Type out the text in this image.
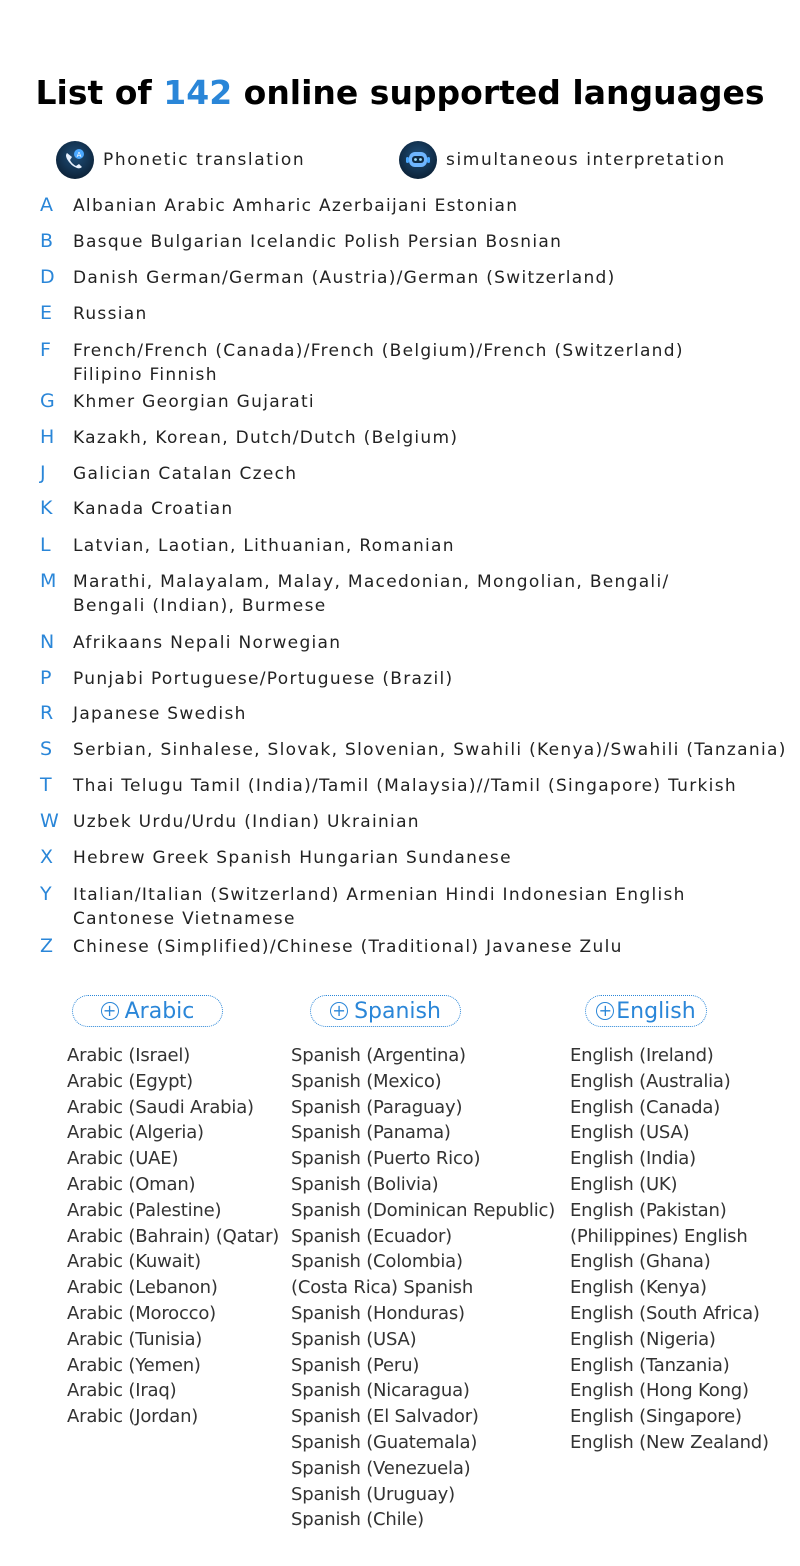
List of 142 online supported languages
A Phonetic translation	simultaneous interpretation
A Albanian Arabic Amharic Azerbaijani Estonian
B Basque Bulgarian Icelandic Polish Persian Bosnian
D Danish German/German (Austria)/German (Switzerland)
E Russian
F French/French (Canada)/French (Belgium)/French (Switzerland)
Filipino Finnish
G Khmer Georgian Gujarati
H Kazakh, Korean, Dutch/Dutch (Belgium)
J Galician Catalan Czech
K Kanada Croatian
L Latvian, Laotian, Lithuanian, Romanian
M Marathi, Malayalam, Malay, Macedonian, Mongolian, Bengali/
Bengali (Indian), Burmese
N Afrikaans Nepali Norwegian
P Punjabi Portuguese/Portuguese (Brazil)
R Japanese Swedish
S Serbian, Sinhalese, Slovak, Slovenian, Swahili (Kenya)/Swahili (Tanzania)
T Thai Telugu Tamil (India)/Tamil (Malaysia)//Tamil (Singapore) Turkish
W Uzbek Urdu/Urdu (Indian) Ukrainian
X Hebrew Greek Spanish Hungarian Sundanese
Y Italian/Italian (Switzerland) Armenian Hindi Indonesian English
Cantonese Vietnamese
Z Chinese (Simplified)/Chinese (Traditional) Javanese Zulu
+ Arabic	+ Spanish	+ English
Arabic (Israel)
Arabic (Egypt)
Arabic (Saudi Arabia)
Arabic (Algeria)
Arabic (UAE)
Arabic (Oman)
Arabic (Palestine)
Arabic (Bahrain) (Qatar)
Arabic (Kuwait)
Arabic (Lebanon)
Arabic (Morocco)
Arabic (Tunisia)
Arabic (Yemen)
Arabic (Iraq)
Arabic (Jordan)
Spanish (Argentina)
Spanish (Mexico)
Spanish (Paraguay)
Spanish (Panama)
Spanish (Puerto Rico)
Spanish (Bolivia)
Spanish (Dominican Republic)
Spanish (Ecuador)
Spanish (Colombia)
(Costa Rica) Spanish
Spanish (Honduras)
Spanish (USA)
Spanish (Peru)
Spanish (Nicaragua)
Spanish (El Salvador)
Spanish (Guatemala)
Spanish (Venezuela)
Spanish (Uruguay)
Spanish (Chile)
English (Ireland)
English (Australia)
English (Canada)
English (USA)
English (India)
English (UK)
English (Pakistan)
(Philippines) English
English (Ghana)
English (Kenya)
English (South Africa)
English (Nigeria)
English (Tanzania)
English (Hong Kong)
English (Singapore)
English (New Zealand)
